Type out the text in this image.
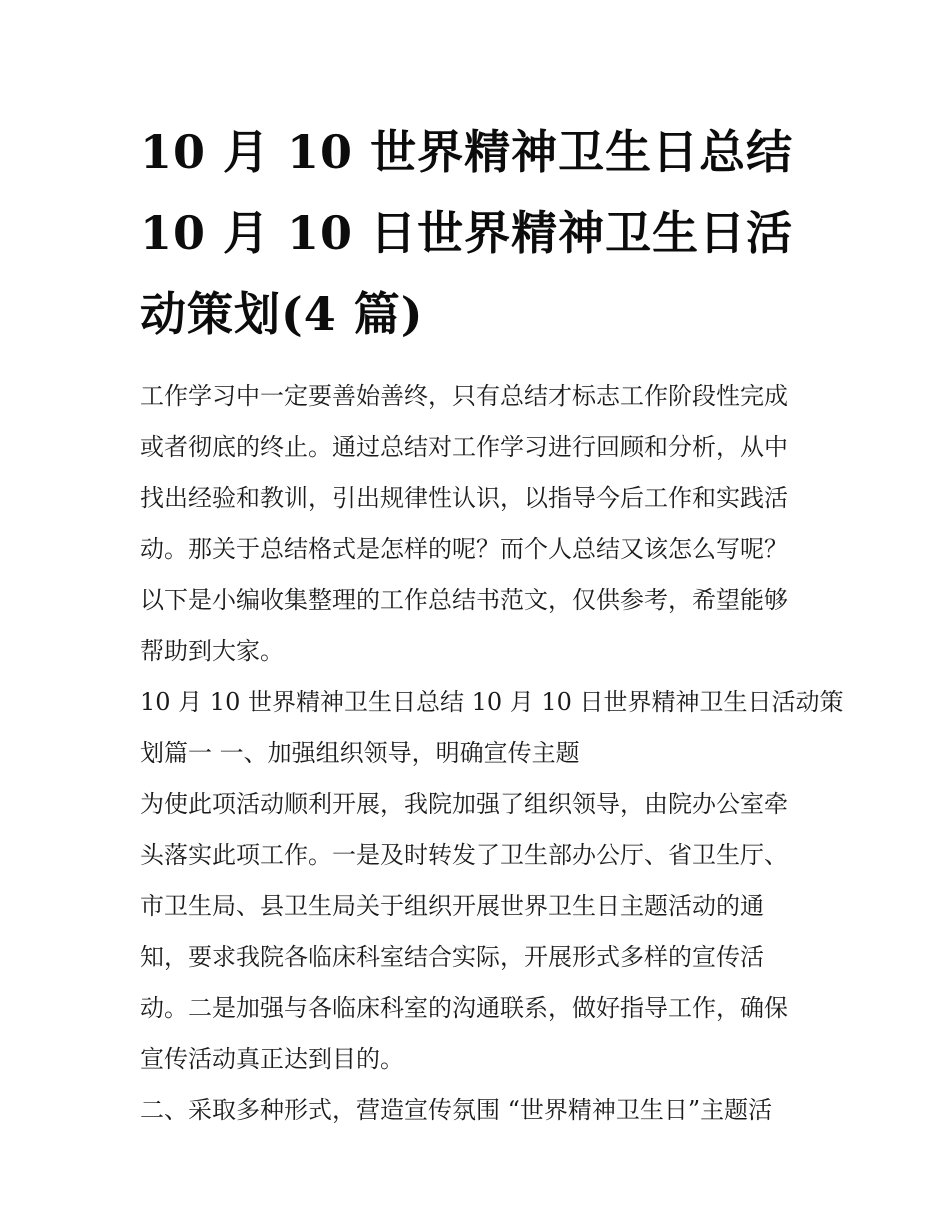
10 月 10 世界精神卫生日总结
10 月 10 日世界精神卫生日活
动策划(4 篇)
工作学习中一定要善始善终，只有总结才标志工作阶段性完成
或者彻底的终止。通过总结对工作学习进行回顾和分析，从中
找出经验和教训，引出规律性认识，以指导今后工作和实践活
动。那关于总结格式是怎样的呢？而个人总结又该怎么写呢？
以下是小编收集整理的工作总结书范文，仅供参考，希望能够
帮助到大家。
10 月 10 世界精神卫生日总结 10 月 10 日世界精神卫生日活动策
划篇一 一、加强组织领导，明确宣传主题
为使此项活动顺利开展，我院加强了组织领导，由院办公室牵
头落实此项工作。一是及时转发了卫生部办公厅、省卫生厅、
市卫生局、县卫生局关于组织开展世界卫生日主题活动的通
知，要求我院各临床科室结合实际，开展形式多样的宣传活
动。二是加强与各临床科室的沟通联系，做好指导工作，确保
宣传活动真正达到目的。
二、采取多种形式，营造宣传氛围 “世界精神卫生日”主题活
